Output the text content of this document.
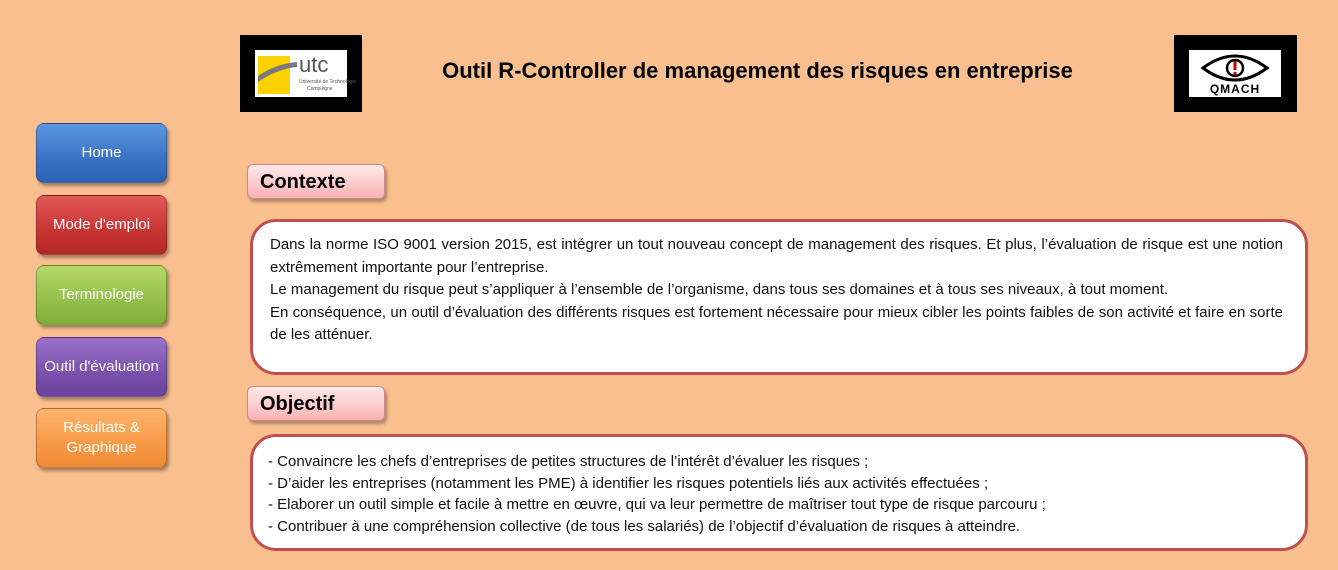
utc
Université de Technologie
Compiègne
Outil R-Controller de management des risques en entreprise
QMACH
Home
Mode d'emploi
Terminologie
Outil d'évaluation
Résultats & Graphique
Contexte

Dans la norme ISO 9001 version 2015, est intégrer un tout nouveau concept de management des risques. Et plus, l’évaluation de risque est une notion extrêmement importante pour l’entreprise.

Le management du risque peut s’appliquer à l’ensemble de l’organisme, dans tous ses domaines et à tous ses niveaux, à tout moment.

En conséquence, un outil d’évaluation des différents risques est fortement nécessaire pour mieux cibler les points faibles de son activité et faire en sorte de les atténuer.

Objectif

- Convaincre les chefs d’entreprises de petites structures de l’intérêt d’évaluer les risques ;

- D’aider les entreprises (notamment les PME) à identifier les risques potentiels liés aux activités effectuées ;

- Elaborer un outil simple et facile à mettre en œuvre, qui va leur permettre de maîtriser tout type de risque parcouru ;

- Contribuer à une compréhension collective (de tous les salariés) de l’objectif d’évaluation de risques à atteindre.
